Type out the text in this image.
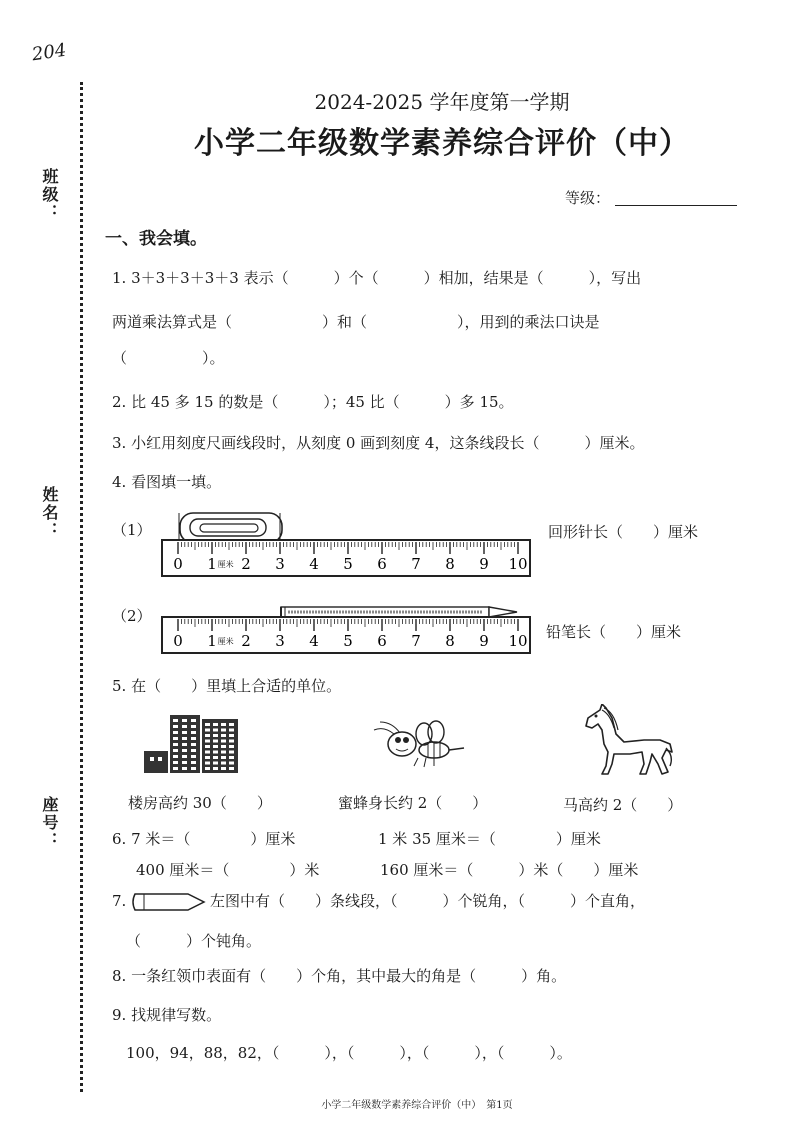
204
班级：
姓名：
座号：
2024-2025 学年度第一学期
小学二年级数学素养综合评价（中）
等级：
一、我会填。
1. 3＋3＋3＋3＋3 表示（　　　）个（　　　）相加，结果是（　　　），写出
两道乘法算式是（　　　　　　）和（　　　　　　），用到的乘法口诀是
（　　　　　）。
2. 比 45 多 15 的数是（　　　）；45 比（　　　）多 15。
3. 小红用刻度尺画线段时，从刻度 0 画到刻度 4，这条线段长（　　　）厘米。
4. 看图填一填。
（1）	回形针长（　　）厘米
（2）
铅笔长（　　）厘米
0 1 2 3 4 5 6 7 8 9 10
厘米
0 1 2 3 4 5 6 7 8 9 10
厘米
5. 在（　　）里填上合适的单位。
楼房高约 30（　　）	蜜蜂身长约 2（　　）	马高约 2（　　）
6. 7 米＝（　　　　）厘米	1 米 35 厘米＝（　　　　）厘米
400 厘米＝（　　　　）米	160 厘米＝（　　　）米（　　）厘米
7.	左图中有（　　）条线段，（　　　）个锐角，（　　　）个直角，
（　　　）个钝角。
8. 一条红领巾表面有（　　）个角，其中最大的角是（　　　）角。
9. 找规律写数。
100，94，88，82，（　　　），（　　　），（　　　），（　　　）。
小学二年级数学素养综合评价（中）　第1页
